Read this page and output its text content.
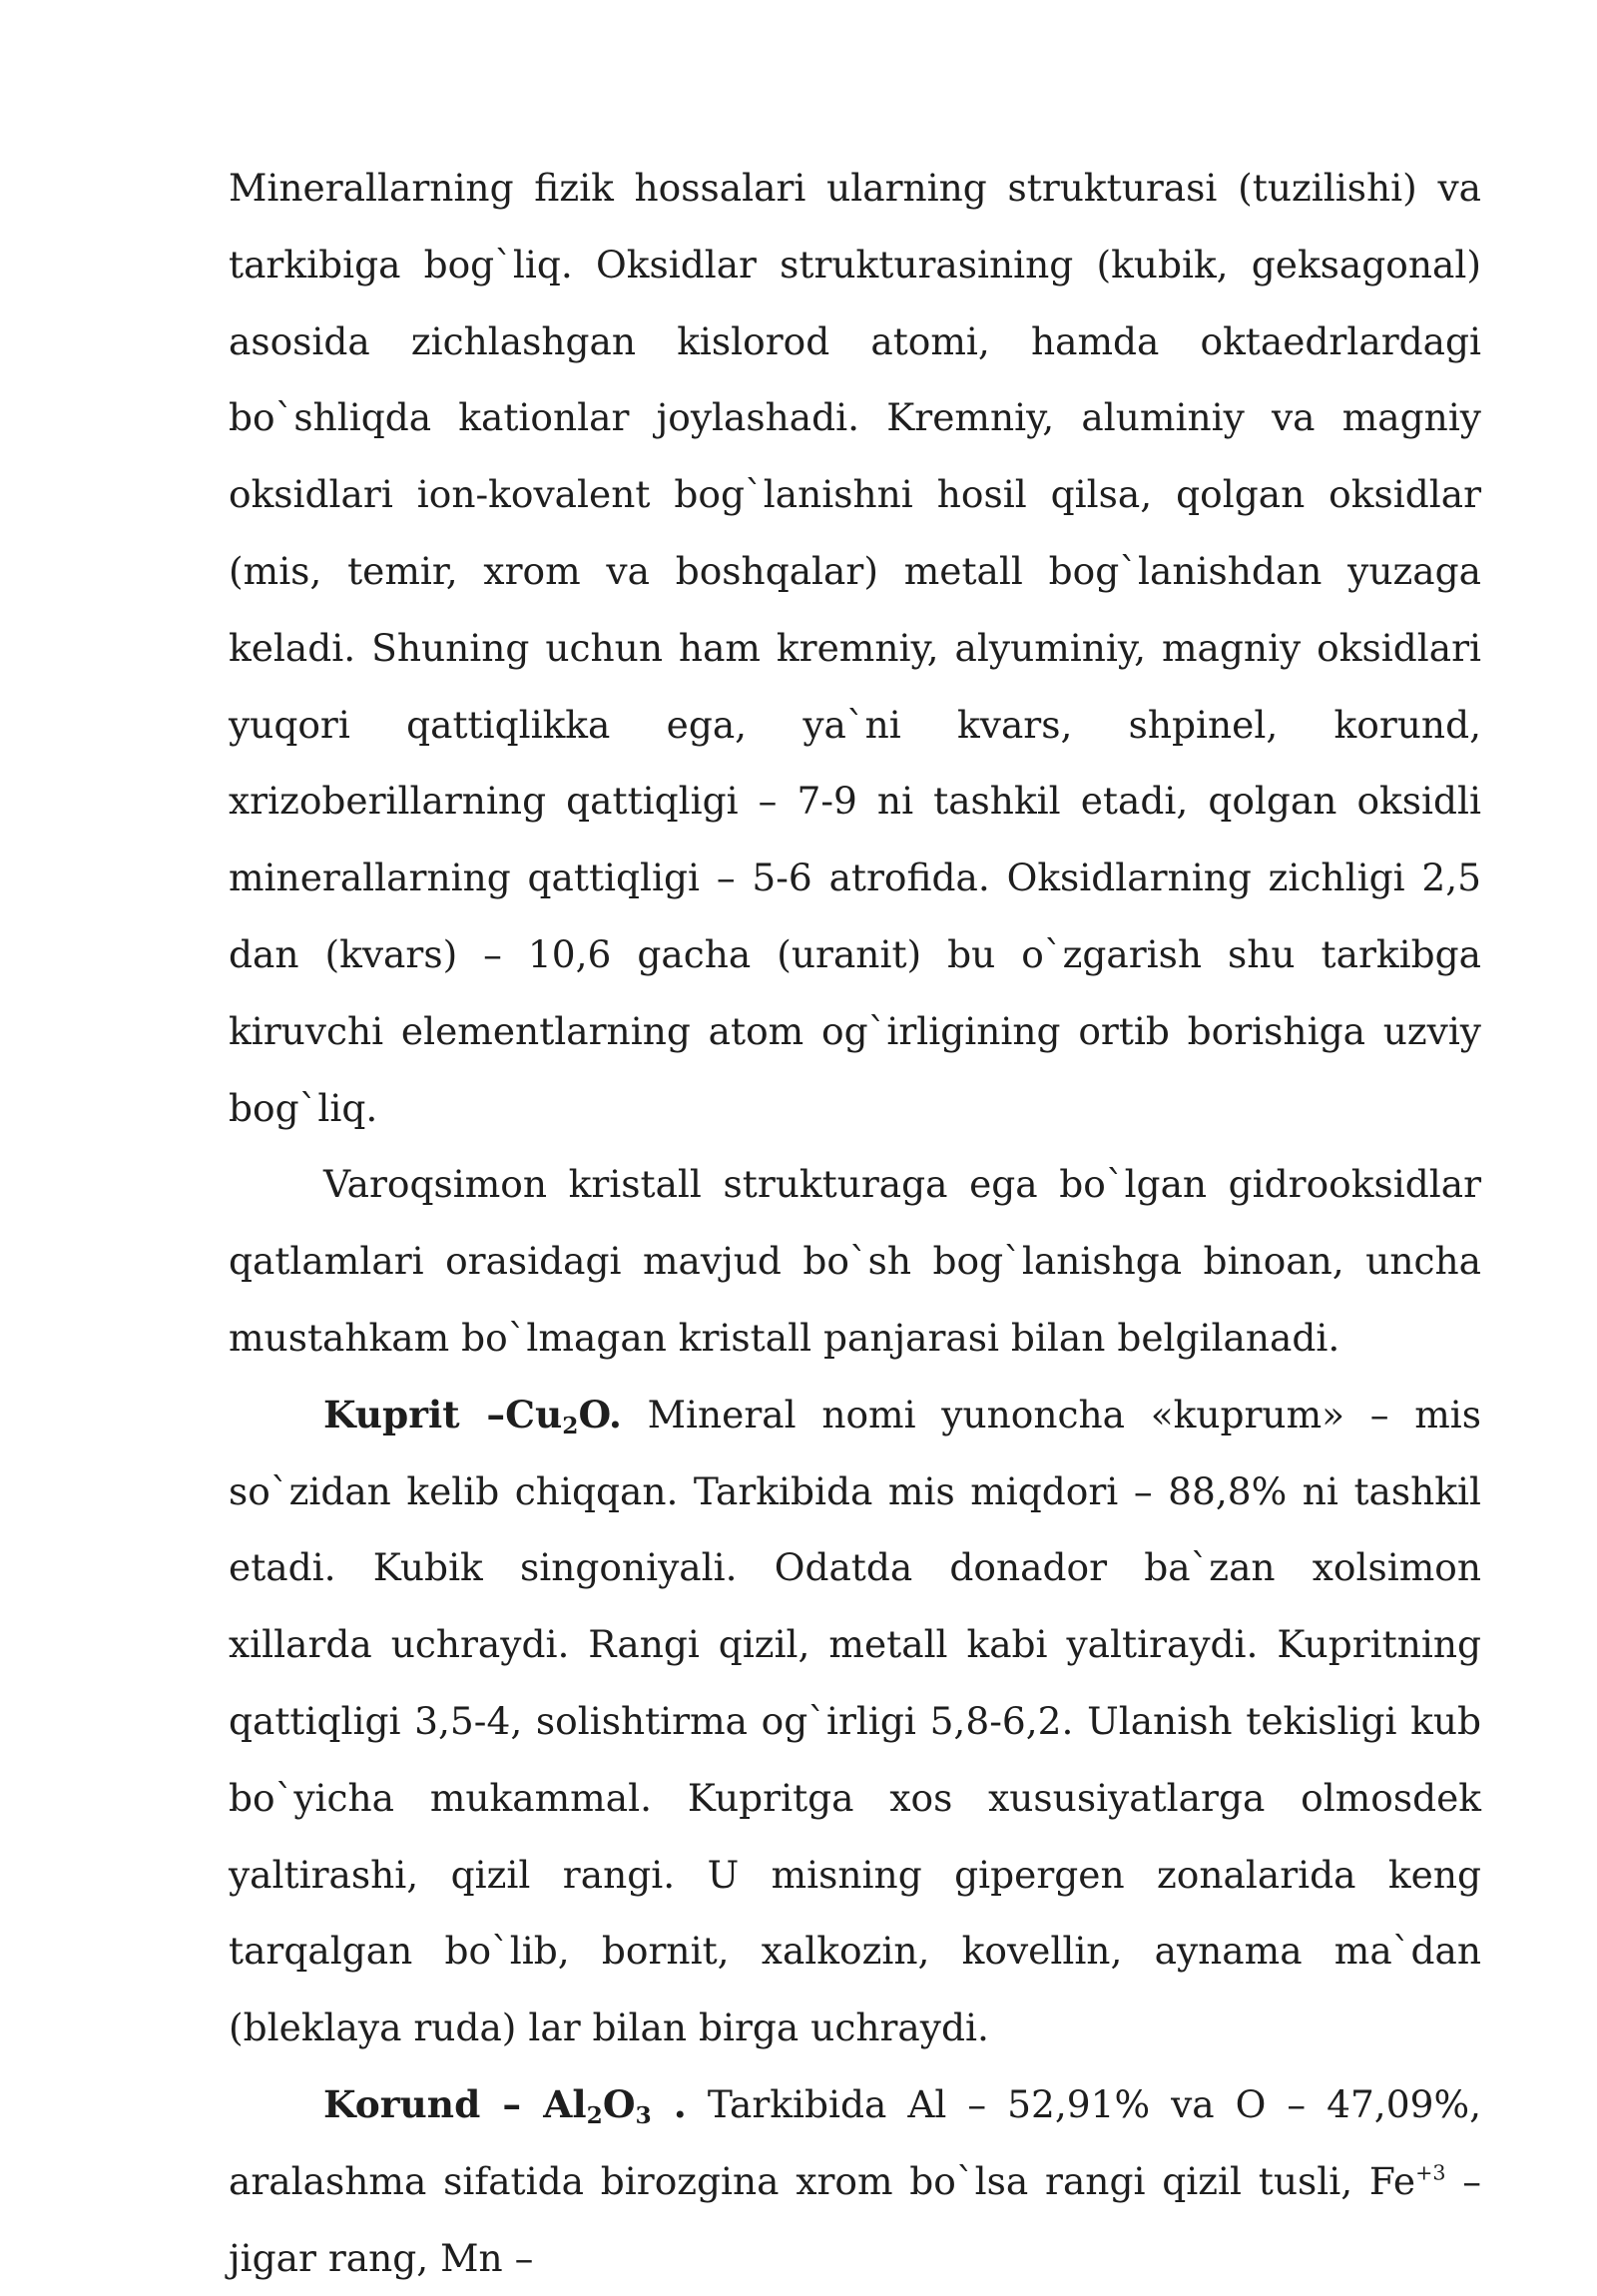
Minerallarning fizik hossalari ularning strukturasi (tuzilishi) va tarkibiga bog`liq. Oksidlar strukturasining (kubik, geksagonal) asosida zichlashgan kislorod atomi, hamda oktaedrlardagi bo`shliqda kationlar joylashadi. Kremniy, aluminiy va magniy oksidlari ion-kovalent bog`lanishni hosil qilsa, qolgan oksidlar (mis, temir, xrom va boshqalar) metall bog`lanishdan yuzaga keladi. Shuning uchun ham kremniy, alyuminiy, magniy oksidlari yuqori qattiqlikka ega, ya`ni kvars, shpinel, korund, xrizoberillarning qattiqligi – 7-9 ni tashkil etadi, qolgan oksidli minerallarning qattiqligi – 5-6 atrofida. Oksidlarning zichligi 2,5 dan (kvars) – 10,6 gacha (uranit) bu o`zgarish shu tarkibga kiruvchi elementlarning atom og`irligining ortib borishiga uzviy bog`liq.

Varoqsimon kristall strukturaga ega bo`lgan gidrooksidlar qatlamlari orasidagi mavjud bo`sh bog`lanishga binoan, uncha mustahkam bo`lmagan kristall panjarasi bilan belgilanadi.

Kuprit $-Cu_2O$. Mineral nomi yunoncha «kuprum» – mis so`zidan kelib chiqqan. Tarkibida mis miqdori – 88,8% ni tashkil etadi. Kubik singoniyali. Odatda donador ba`zan xolsimon xillarda uchraydi. Rangi qizil, metall kabi yaltiraydi. Kupritning qattiqligi 3,5-4, solishtirma og`irligi 5,8-6,2. Ulanish tekisligi kub bo`yicha mukammal. Kupritga xos xususiyatlarga olmosdek yaltirashi, qizil rangi. U misning gipergen zonalarida keng tarqalgan bo`lib, bornit, xalkozin, kovellin, aynama ma`dan (bleklaya ruda) lar bilan birga uchraydi.

Korund – $Al_2O_3$ . Tarkibida Al – 52,91% va O – 47,09%, aralashma sifatida birozgina xrom bo`lsa rangi qizil tusli, $Fe^{+3}$ – jigar rang, Mn –
